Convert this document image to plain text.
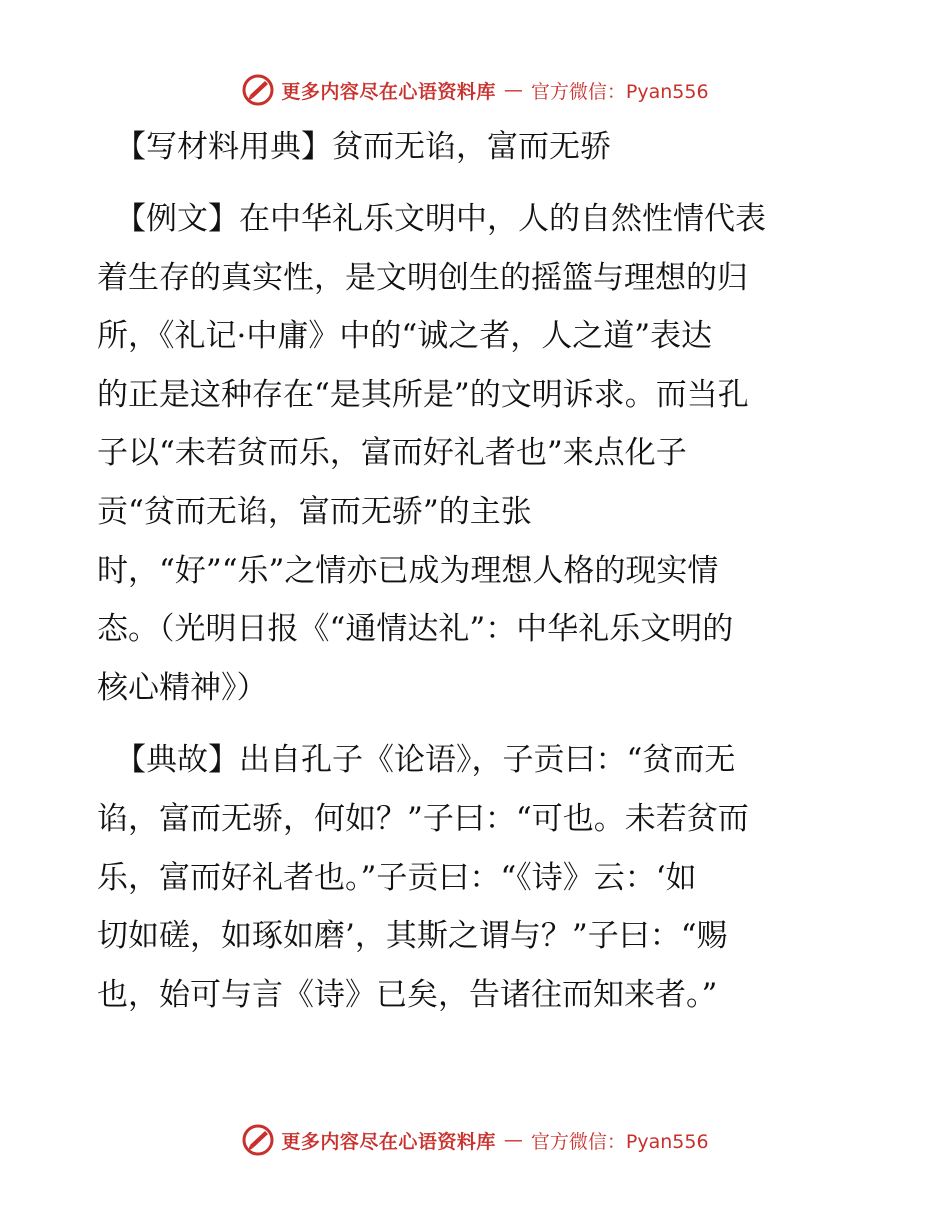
更多内容尽在心语资料库 — 官方微信：Pyan556
【写材料用典】贫而无谄，富而无骄
【例文】在中华礼乐文明中，人的自然性情代表
着生存的真实性，是文明创生的摇篮与理想的归
所，《礼记·中庸》中的“诚之者，人之道”表达
的正是这种存在“是其所是”的文明诉求。而当孔
子以“未若贫而乐，富而好礼者也”来点化子
贡“贫而无谄，富而无骄”的主张
时，“好”“乐”之情亦已成为理想人格的现实情
态。（光明日报《“通情达礼”：中华礼乐文明的
核心精神》）
【典故】出自孔子《论语》，子贡曰：“贫而无
谄，富而无骄，何如？”子曰：“可也。未若贫而
乐，富而好礼者也。”子贡曰：“《诗》云：‘如
切如磋，如琢如磨’，其斯之谓与？”子曰：“赐
也，始可与言《诗》已矣，告诸往而知来者。”
更多内容尽在心语资料库 — 官方微信：Pyan556
